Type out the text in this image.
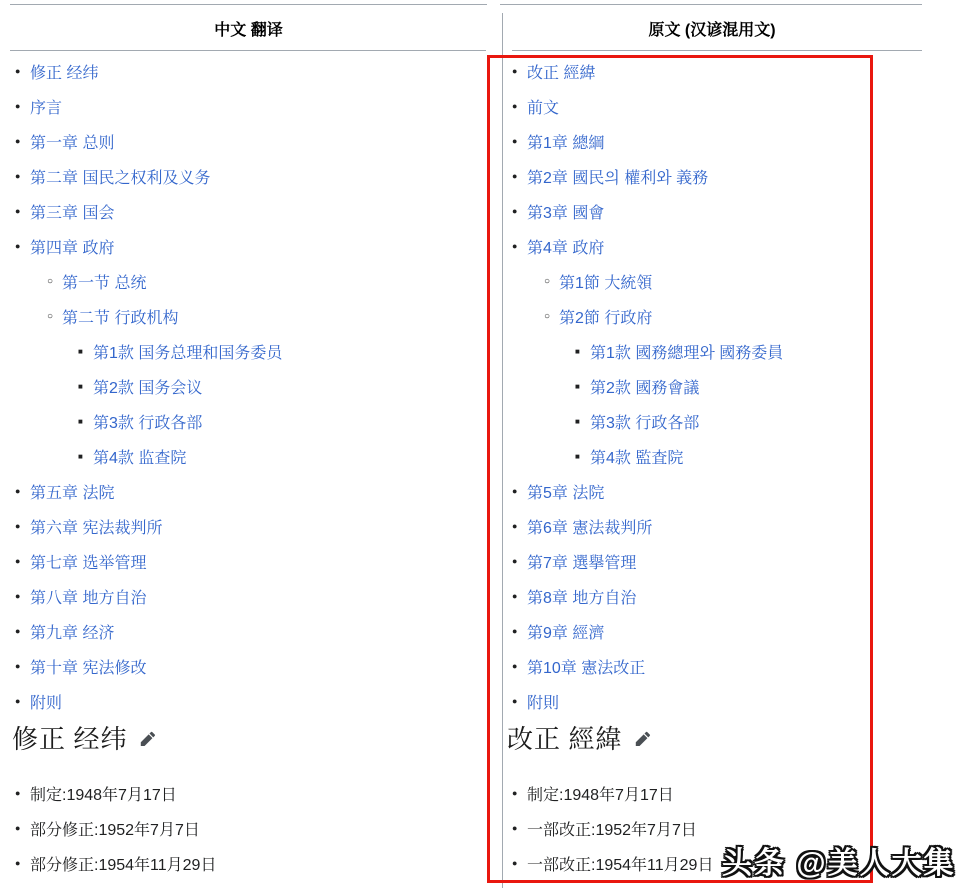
中文 翻译	原文 (汉谚混用文)
● 修正 经纬
● 序言
● 第一章 总则
● 第二章 国民之权利及义务
● 第三章 国会
● 第四章 政府
○ 第一节 总统
○ 第二节 行政机构
■ 第1款 国务总理和国务委员
■ 第2款 国务会议
■ 第3款 行政各部
■ 第4款 监查院
● 第五章 法院
● 第六章 宪法裁判所
● 第七章 选举管理
● 第八章 地方自治
● 第九章 经济
● 第十章 宪法修改
● 附则
● 改正 經緯
● 前文
● 第1章 總綱
● 第2章 國民의 權利와 義務
● 第3章 國會
● 第4章 政府
○ 第1節 大統領
○ 第2節 行政府
■ 第1款 國務總理와 國務委員
■ 第2款 國務會議
■ 第3款 行政各部
■ 第4款 監査院
● 第5章 法院
● 第6章 憲法裁判所
● 第7章 選擧管理
● 第8章 地方自治
● 第9章 經濟
● 第10章 憲法改正
● 附則
修正 经纬	改正 經緯
● 制定:1948年7月17日
● 部分修正:1952年7月7日
● 部分修正:1954年11月29日
● 制定:1948年7月17日
● 一部改正:1952年7月7日
● 一部改正:1954年11月29日 头条 @美人大集
